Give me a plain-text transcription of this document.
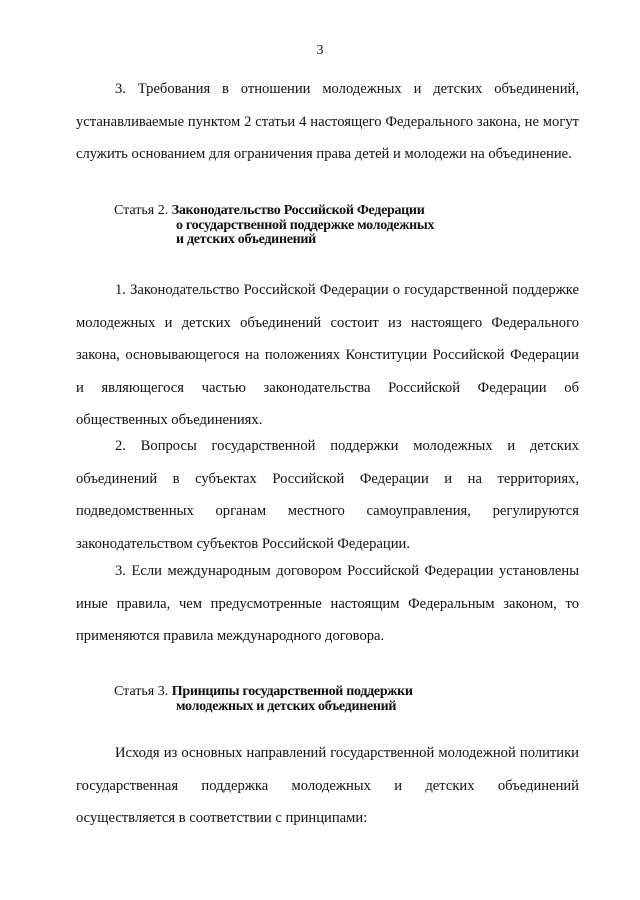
3

3. Требования в отношении молодежных и детских объединений, устанавливаемые пунктом 2 статьи 4 настоящего Федерального закона, не могут служить основанием для ограничения права детей и молодежи на объединение.

Статья 2. Законодательство Российской Федерации
о государственной поддержке молодежных
и детских объединений

1. Законодательство Российской Федерации о государственной поддержке молодежных и детских объединений состоит из настоящего Федерального закона, основывающегося на положениях Конституции Российской Федерации и являющегося частью законодательства Российской Федерации об общественных объединениях.

2. Вопросы государственной поддержки молодежных и детских объединений в субъектах Российской Федерации и на территориях, подведомственных органам местного самоуправления, регулируются законодательством субъектов Российской Федерации.

3. Если международным договором Российской Федерации установлены иные правила, чем предусмотренные настоящим Федеральным законом, то применяются правила международного договора.

Статья 3. Принципы государственной поддержки
молодежных и детских объединений

Исходя из основных направлений государственной молодежной политики государственная поддержка молодежных и детских объединений осуществляется в соответствии с принципами:
